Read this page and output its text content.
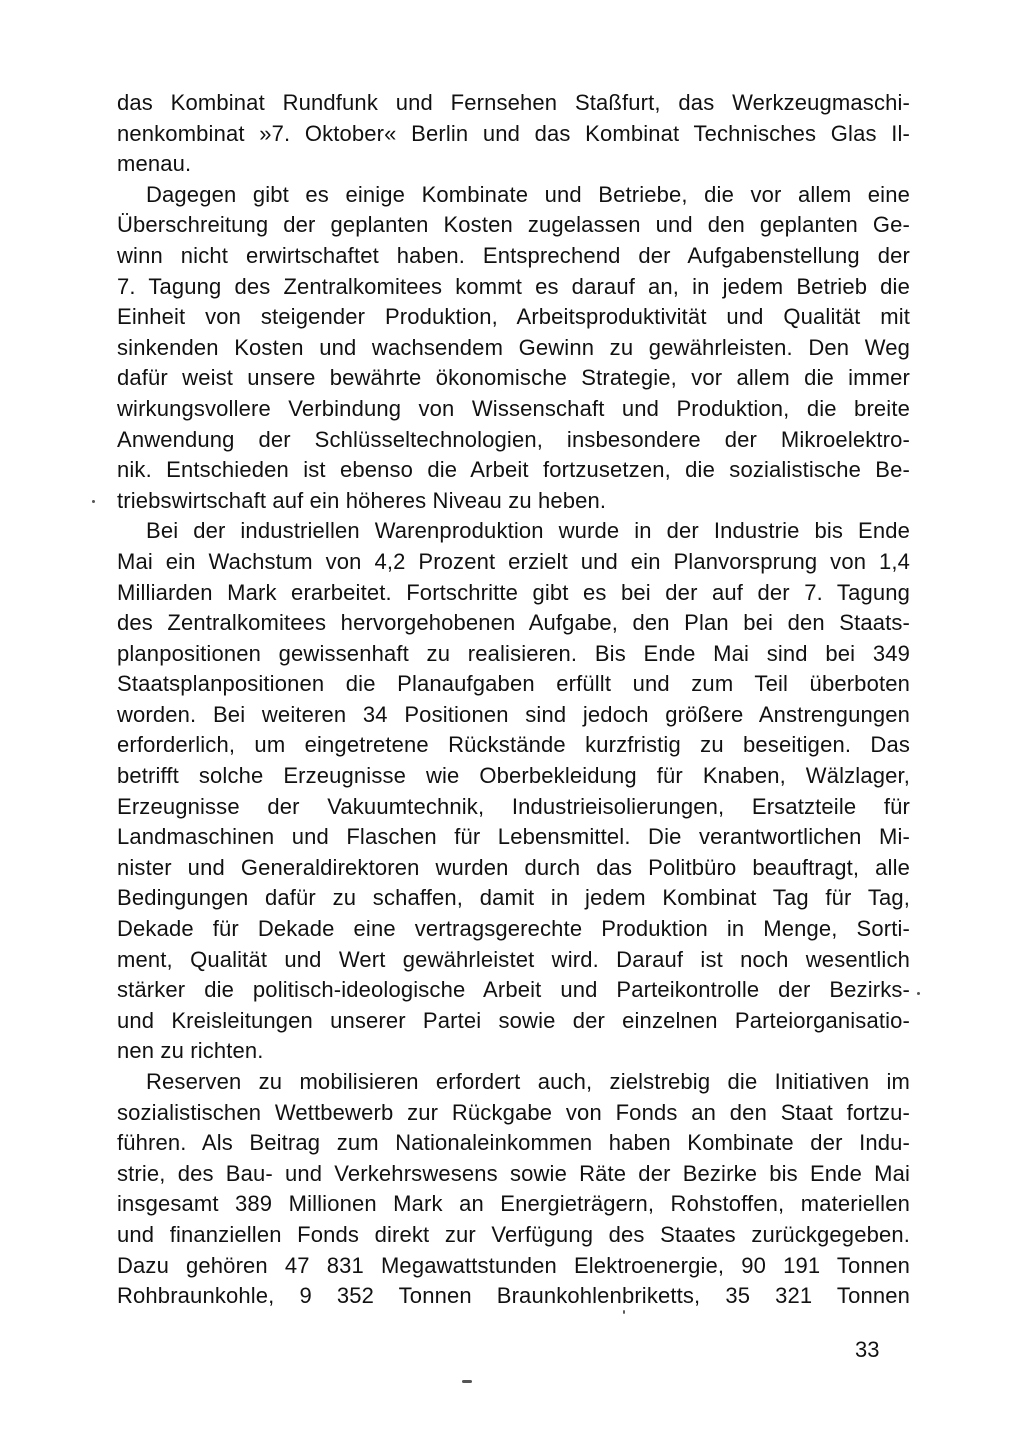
das Kombinat Rundfunk und Fernsehen Staßfurt, das Werkzeugmaschi-
nenkombinat »7. Oktober« Berlin und das Kombinat Technisches Glas Il-
menau.
Dagegen gibt es einige Kombinate und Betriebe, die vor allem eine
Überschreitung der geplanten Kosten zugelassen und den geplanten Ge-
winn nicht erwirtschaftet haben. Entsprechend der Aufgabenstellung der
7. Tagung des Zentralkomitees kommt es darauf an, in jedem Betrieb die
Einheit von steigender Produktion, Arbeitsproduktivität und Qualität mit
sinkenden Kosten und wachsendem Gewinn zu gewährleisten. Den Weg
dafür weist unsere bewährte ökonomische Strategie, vor allem die immer
wirkungsvollere Verbindung von Wissenschaft und Produktion, die breite
Anwendung der Schlüsseltechnologien, insbesondere der Mikroelektro-
nik. Entschieden ist ebenso die Arbeit fortzusetzen, die sozialistische Be-
triebswirtschaft auf ein höheres Niveau zu heben.
Bei der industriellen Warenproduktion wurde in der Industrie bis Ende
Mai ein Wachstum von 4,2 Prozent erzielt und ein Planvorsprung von 1,4
Milliarden Mark erarbeitet. Fortschritte gibt es bei der auf der 7. Tagung
des Zentralkomitees hervorgehobenen Aufgabe, den Plan bei den Staats-
planpositionen gewissenhaft zu realisieren. Bis Ende Mai sind bei 349
Staatsplanpositionen die Planaufgaben erfüllt und zum Teil überboten
worden. Bei weiteren 34 Positionen sind jedoch größere Anstrengungen
erforderlich, um eingetretene Rückstände kurzfristig zu beseitigen. Das
betrifft solche Erzeugnisse wie Oberbekleidung für Knaben, Wälzlager,
Erzeugnisse der Vakuumtechnik, Industrieisolierungen, Ersatzteile für
Landmaschinen und Flaschen für Lebensmittel. Die verantwortlichen Mi-
nister und Generaldirektoren wurden durch das Politbüro beauftragt, alle
Bedingungen dafür zu schaffen, damit in jedem Kombinat Tag für Tag,
Dekade für Dekade eine vertragsgerechte Produktion in Menge, Sorti-
ment, Qualität und Wert gewährleistet wird. Darauf ist noch wesentlich
stärker die politisch-ideologische Arbeit und Parteikontrolle der Bezirks-
und Kreisleitungen unserer Partei sowie der einzelnen Parteiorganisatio-
nen zu richten.
Reserven zu mobilisieren erfordert auch, zielstrebig die Initiativen im
sozialistischen Wettbewerb zur Rückgabe von Fonds an den Staat fortzu-
führen. Als Beitrag zum Nationaleinkommen haben Kombinate der Indu-
strie, des Bau- und Verkehrswesens sowie Räte der Bezirke bis Ende Mai
insgesamt 389 Millionen Mark an Energieträgern, Rohstoffen, materiellen
und finanziellen Fonds direkt zur Verfügung des Staates zurückgegeben.
Dazu gehören 47 831 Megawattstunden Elektroenergie, 90 191 Tonnen
Rohbraunkohle, 9 352 Tonnen Braunkohlenbriketts, 35 321 Tonnen
33
